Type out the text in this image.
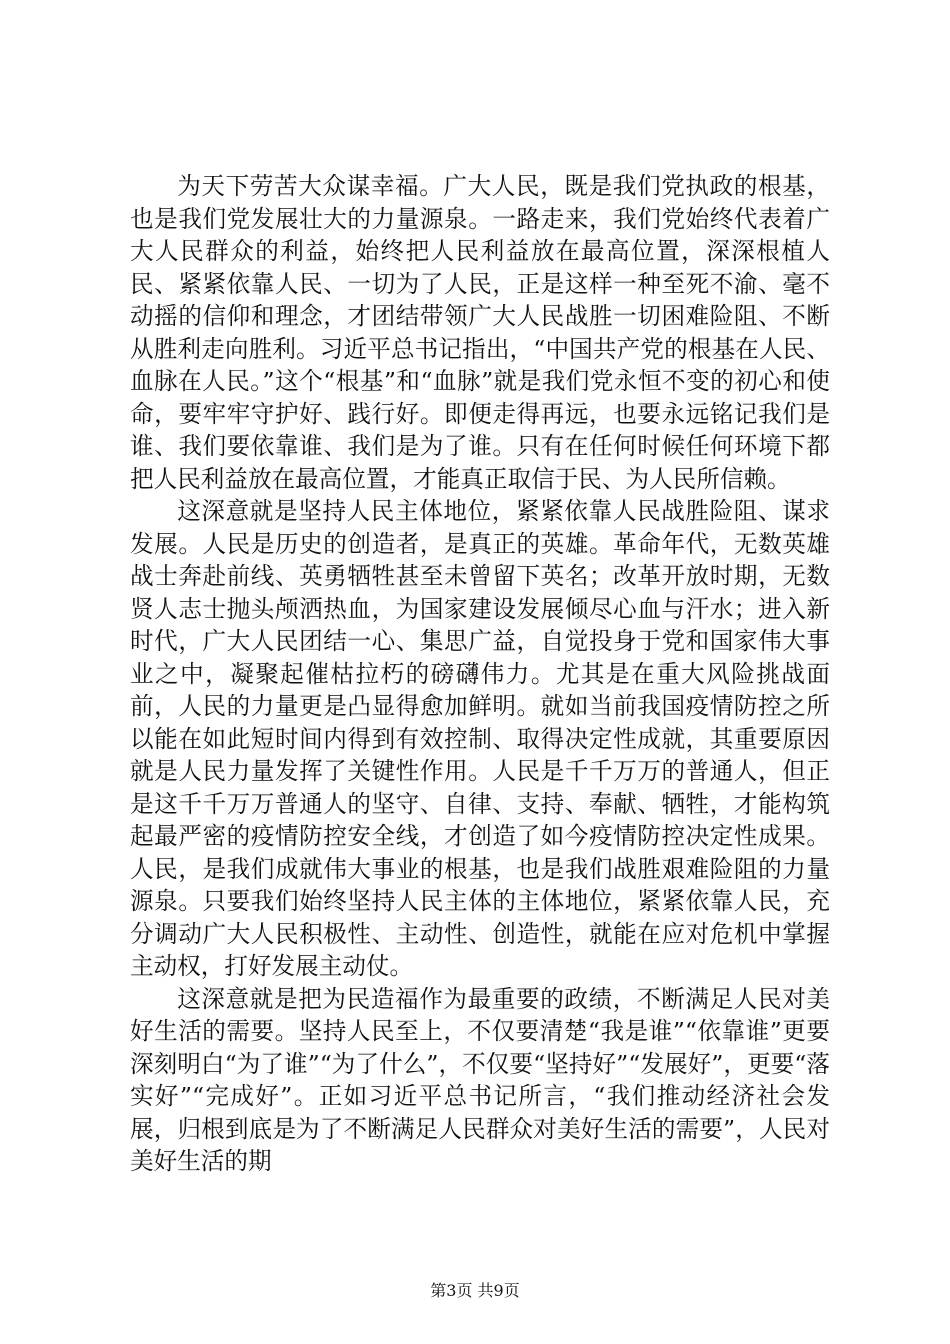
为天下劳苦大众谋幸福。广大人民，既是我们党执政的根基，也是我们党发展壮大的力量源泉。一路走来，我们党始终代表着广大人民群众的利益，始终把人民利益放在最高位置，深深根植人民、紧紧依靠人民、一切为了人民，正是这样一种至死不渝、毫不动摇的信仰和理念，才团结带领广大人民战胜一切困难险阻、不断从胜利走向胜利。习近平总书记指出，“中国共产党的根基在人民、血脉在人民。”这个“根基”和“血脉”就是我们党永恒不变的初心和使命，要牢牢守护好、践行好。即便走得再远，也要永远铭记我们是谁、我们要依靠谁、我们是为了谁。只有在任何时候任何环境下都把人民利益放在最高位置，才能真正取信于民、为人民所信赖。

这深意就是坚持人民主体地位，紧紧依靠人民战胜险阻、谋求发展。人民是历史的创造者，是真正的英雄。革命年代，无数英雄战士奔赴前线、英勇牺牲甚至未曾留下英名；改革开放时期，无数贤人志士抛头颅洒热血，为国家建设发展倾尽心血与汗水；进入新时代，广大人民团结一心、集思广益，自觉投身于党和国家伟大事业之中，凝聚起催枯拉朽的磅礴伟力。尤其是在重大风险挑战面前，人民的力量更是凸显得愈加鲜明。就如当前我国疫情防控之所以能在如此短时间内得到有效控制、取得决定性成就，其重要原因就是人民力量发挥了关键性作用。人民是千千万万的普通人，但正是这千千万万普通人的坚守、自律、支持、奉献、牺牲，才能构筑起最严密的疫情防控安全线，才创造了如今疫情防控决定性成果。人民，是我们成就伟大事业的根基，也是我们战胜艰难险阻的力量源泉。只要我们始终坚持人民主体的主体地位，紧紧依靠人民，充分调动广大人民积极性、主动性、创造性，就能在应对危机中掌握主动权，打好发展主动仗。

这深意就是把为民造福作为最重要的政绩，不断满足人民对美好生活的需要。坚持人民至上，不仅要清楚“我是谁”“依靠谁”更要深刻明白“为了谁”“为了什么”，不仅要“坚持好”“发展好”，更要“落实好”“完成好”。正如习近平总书记所言，“我们推动经济社会发展，归根到底是为了不断满足人民群众对美好生活的需要”，人民对美好生活的期

第3页 共9页
